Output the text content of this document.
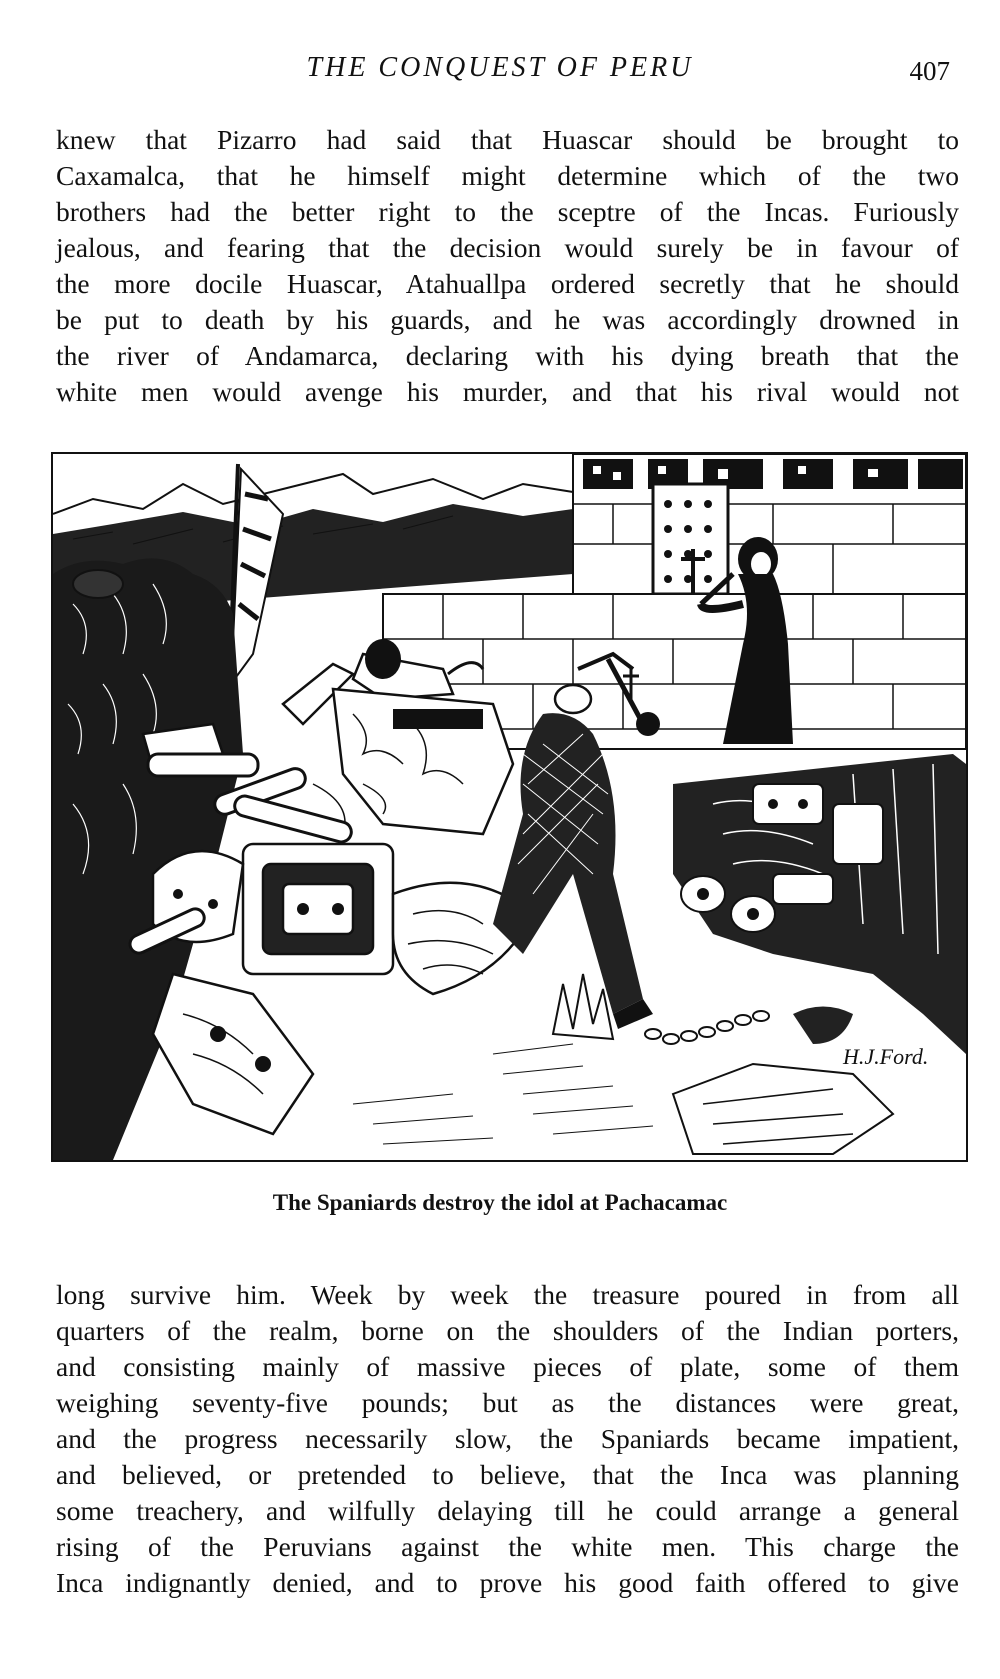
THE CONQUEST OF PERU	407
knew that Pizarro had said that Huascar should be brought to
Caxamalca, that he himself might determine which of the two
brothers had the better right to the sceptre of the Incas. Furiously
jealous, and fearing that the decision would surely be in favour of
the more docile Huascar, Atahuallpa ordered secretly that he should
be put to death by his guards, and he was accordingly drowned in
the river of Andamarca, declaring with his dying breath that the
white men would avenge his murder, and that his rival would not
H.J.Ford.
The Spaniards destroy the idol at Pachacamac
long survive him. Week by week the treasure poured in from all
quarters of the realm, borne on the shoulders of the Indian porters,
and consisting mainly of massive pieces of plate, some of them
weighing seventy-five pounds; but as the distances were great,
and the progress necessarily slow, the Spaniards became impatient,
and believed, or pretended to believe, that the Inca was planning
some treachery, and wilfully delaying till he could arrange a general
rising of the Peruvians against the white men. This charge the
Inca indignantly denied, and to prove his good faith offered to give
